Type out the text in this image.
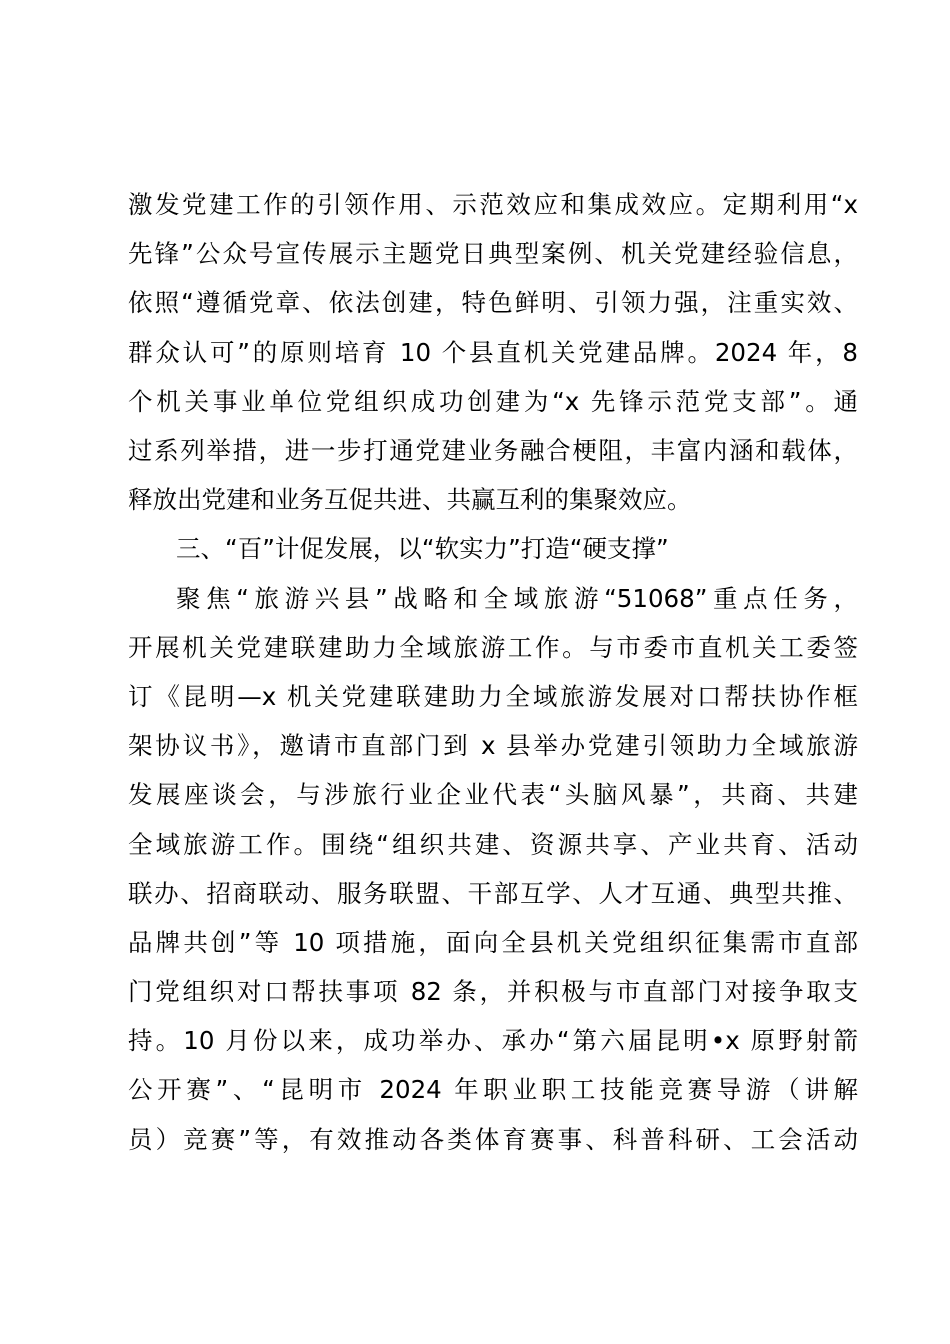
激发党建工作的引领作用、示范效应和集成效应。定期利用“x
先锋”公众号宣传展示主题党日典型案例、机关党建经验信息，
依照“遵循党章、依法创建，特色鲜明、引领力强，注重实效、
群众认可”的原则培育 10 个县直机关党建品牌。2024 年，8
个机关事业单位党组织成功创建为“x 先锋示范党支部”。通
过系列举措，进一步打通党建业务融合梗阻，丰富内涵和载体，
释放出党建和业务互促共进、共赢互利的集聚效应。
三、“百”计促发展，以“软实力”打造“硬支撑”
聚焦“旅游兴县”战略和全域旅游“51068”重点任务，
开展机关党建联建助力全域旅游工作。与市委市直机关工委签
订《昆明—x 机关党建联建助力全域旅游发展对口帮扶协作框
架协议书》，邀请市直部门到 x 县举办党建引领助力全域旅游
发展座谈会，与涉旅行业企业代表“头脑风暴”，共商、共建
全域旅游工作。围绕“组织共建、资源共享、产业共育、活动
联办、招商联动、服务联盟、干部互学、人才互通、典型共推、
品牌共创”等 10 项措施，面向全县机关党组织征集需市直部
门党组织对口帮扶事项 82 条，并积极与市直部门对接争取支
持。10 月份以来，成功举办、承办“第六届昆明•x 原野射箭
公开赛”、“昆明市 2024 年职业职工技能竞赛导游（讲解
员）竞赛”等，有效推动各类体育赛事、科普科研、工会活动
